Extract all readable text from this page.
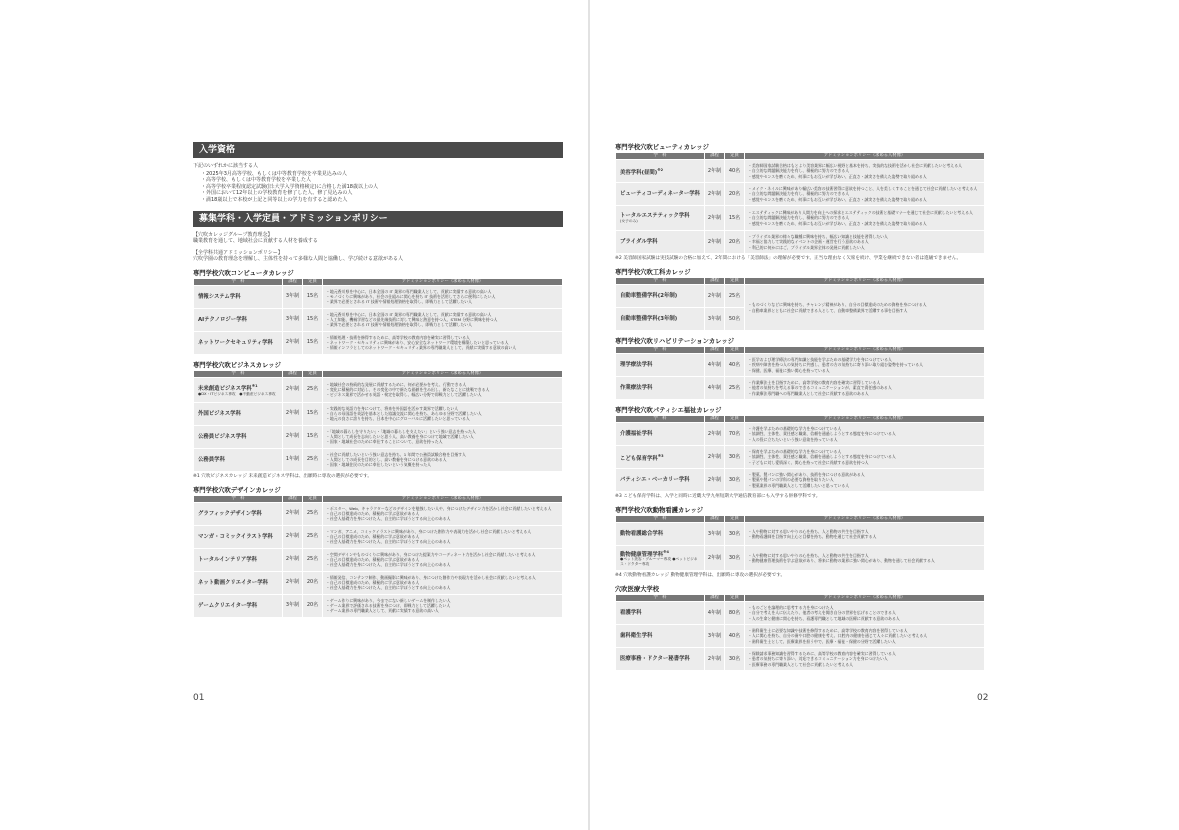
入学資格

下記のいずれかに該当する人

・2025年3月高等学校、もしくは中等教育学校を卒業見込みの人

・高等学校、もしくは中等教育学校を卒業した人

・高等学校卒業程度認定試験(旧:大学入学資格検定)に合格した満18歳以上の人

・外国において12年以上の学校教育を修了した人、修了見込みの人

・満18歳以上で本校が上記と同等以上の学力を有すると認めた人

募集学科・入学定員・アドミッションポリシー

【穴吹カレッジグループ教育理念】

職業教育を通して、地域社会に貢献する人材を養成する

【全学科共通アドミッションポリシー】

穴吹学園の教育理念を理解し、主体性を持って多様な人間と協働し、学び続ける意欲がある人

専門学校穴吹コンピュータカレッジ
学　科	課程	定員	アドミッションポリシー（求める人材像）
情報システム学科	3年制	15名	・地元香川県を中心に、日本全国の IT 業界の専門職業人として、貢献に実績する意欲の高い人
・モノづくりに興味があり、社会の仕組みに関心を持ち IT 技術を活用してさらに便利にしたい人
・業界で必要とされる IT 技術や情報処理資格を取得し、即戦力として活躍したい人

AIテクノロジー学科	3年制	15名	・地元香川県を中心に、日本全国の IT 業界の専門職業人として、貢献に実績する意欲の高い人
・人工知能、機械学習などの最先端技術に対して興味と熱意を持つ人、STEM 分野に興味を持つ人
・業界で必要とされる IT 技術や情報処理資格を取得し、即戦力として活躍したい人

ネットワークセキュリティ学科	2年制	15名	・情報処理・技術を修得するために、高等学校の教育内容を確実に習得している人
・ネットワーク・セキュリティに興味があり、安心安全なネットワーク環境を構築したいと思っている人
・情報インフラとしてのネットワーク・セキュリティ業界の専門職業人として、貢献に実績する意欲の高い人
専門学校穴吹ビジネスカレッジ
学　科	課程	定員	アドミッションポリシー（求める人材像）
未来創造ビジネス学科$^{※1}$
●DX・ITビジネス専攻　●不動産ビジネス専攻	2年制	25名	・地域社会の持続的な発展に貢献するために、何が必要かを考え、行動できる人
・変化に積極的に対応し、その変化の中で新たな価値を生み出し、新たなことに挑戦できる人
・ビジネス業界で活かせる英語・検定を取得し、幅広い分野で即戦力として活躍したい人

外国ビジネス学科	2年制	15名	・実践的な英語力を身につけて、将来を外国語を活かす業界で活躍したい人
・自らの母国語を英語を基本とした協議交流に関心を持ち、あらゆる分野で活躍したい人
・地元の良さに誇りを持ち、日本を中心にグローバルに活躍したいと思っている人

公務員ビジネス学科	2年制	15名	・「地域の暮らしを守りたい」・「地域の暮らしを支えたい」という強い意志を持った人
・人間として成長を志向したいと思う人、高い教養を身につけて地域で活躍したい人
・国家・地域社会のために奉仕することについて、意欲を持った人

公務員学科	1年制	25名	・社会に貢献したいという強い意志を持ち、1 年間で公務員試験合格を目指す人
・人間としての成長を目的とし、高い教養を身につける意欲のある人
・国家・地域住民のために奉仕したいという気概を持った人
※1 穴吹ビジネスカレッジ 未来創造ビジネス学科は、出願時に専攻の選択が必要です。
専門学校穴吹デザインカレッジ
学　科	課程	定員	アドミッションポリシー（求める人材像）
グラフィックデザイン学科	2年制	25名	・ポスター、Web、キャラクターなどのデザインを勉強したい人や、身につけたデザイン力を活かし社会に貢献したいと考える人
・自己の目標達成のため、積極的に学ぶ意欲がある人
・社会人基礎力を身につけた人、自主的に学ぼうとする向上心のある人

マンガ・コミックイラスト学科	2年制	25名	・マンガ、アニメ、コミックイラストに興味があり、身につけた創作力や表現力を活かし社会に貢献したいと考える人
・自己の目標達成のため、積極的に学ぶ意欲がある人
・社会人基礎力を身につけた人、自主的に学ぼうとする向上心のある人

トータルインテリア学科	2年制	25名	・空間デザインやものづくりに興味があり、身につけた提案力やコーディネート力を活かし社会に貢献したいと考える人
・自己の目標達成のため、積極的に学ぶ意欲がある人
・社会人基礎力を身につけた人、自主的に学ぼうとする向上心のある人

ネット動画クリエイター学科	2年制	20名	・情報発信、コンテンツ制作、動画撮影に興味があり、身につけた創作力や表現力を活かし社会に貢献したいと考える人
・自己の目標達成のため、積極的に学ぶ意欲がある人
・社会人基礎力を身につけた人、自主的に学ぼうとする向上心のある人

ゲームクリエイター学科	3年制	20名	・ゲーム作りに興味があり、今までにない新しいゲームを制作したい人
・ゲーム業界で評価される技術を身につけ、即戦力として活躍したい人
・ゲーム業界の専門職業人として、貢献に実績する意欲の高い人
01
専門学校穴吹ビューティカレッジ
学　科	課程	定員	アドミッションポリシー（求める人材像）
美容学科(昼間)$^{※2}$	2年制	40名	・美容師国家試験合格はもとより美容業界に幅広い視野と基本を持ち、実技的な技術を活かし社会に貢献したいと考える人
・自立的な問題解決能力を有し、積極的に努力のできる人
・感覚やセンスを磨くため、何事にもお互いが学びあい、正直さ・誠実さを備えた姿勢で取り組める人

ビューティコーディネーター学科	2年制	20名	・メイク・ネイルに興味があり幅広い美容の技術習得に意欲を持つこと、人を美しくすることを通じて社会に貢献したいと考える人
・自立的な問題解決能力を有し、積極的に努力のできる人
・感覚やセンスを磨くため、何事にもお互いが学びあい、正直さ・誠実さを備えた姿勢で取り組める人

トータルエステティック学科
(女子のみ)	2年制	15名	・エステティックに興味があり人間力を向上への探求とエステティックの技術と基礎マナーを通じて社会に貢献したいと考える人
・自立的な問題解決能力を有し、積極的に努力のできる人
・感覚やセンスを磨くため、何事にもお互いが学びあい、正直さ・誠実さを備えた姿勢で取り組める人

ブライダル学科	2年制	20名	・ブライダル業界の様々な職種に興味を持ち、幅広い知識と技能を習得したい人
・幸福と協力して実践的なイベントの企画・運営を行う意欲のある人
・利己的に何かにはご、ブライダル業界全体の発展に貢献したい人
※2 美容師国家試験は実技試験の合格に加えて、2年間における「美容師法」の理解が必要です。正当な理由なく欠席を続け、学業を継続できない者は進級できません。
専門学校穴吹工科カレッジ
学　科	課程	定員	アドミッションポリシー（求める人材像）
自動車整備学科(2年制)	2年制	25名	・ものづくりなどに興味を持ち、チャレンジ精神があり、自分の目標達成のための資格を身につける人
・自動車業界とともに社会に貢献できる人として、自動車整備業界で活躍する事を目指す人

自動車整備学科(3年制)	3年制	50名	
専門学校穴吹リハビリテーションカレッジ
学　科	課程	定員	アドミッションポリシー（求める人材像）
理学療法学科	4年制	40名	・医学および理学療法の専門知識と技能を学ぶための基礎学力を身につけている人
・疾病や障害を持つ人の気持ちに共感し、患者の方の気持ちに寄り添い取り組む姿勢を持っている人
・保健、医療、福祉に強い関心を持っている人

作業療法学科	4年制	25名	・作業療法士を目指すために、高等学校の教育内容を確実に習得している人
・他者の気持ちを考える事のできるコミュニケーションが、素直で責任感のある人
・作業療法専門職への専門職業人として社会に貢献する意欲のある人
専門学校穴吹パティシエ福祉カレッジ
学　科	課程	定員	アドミッションポリシー（求める人材像）
介護福祉学科	2年制	70名	・介護を学ぶための基礎的な学力を身につけている人
・協調性、主体性、責任感と職業、信頼を通過しようとする態度を身につけている人
・人の役に立ちたいという強い意欲を持っている人

こども保育学科$^{※3}$	2年制	30名	・保育を学ぶための基礎的な学力を身につけている人
・協調性、主体性、責任感と職業、信頼を通過しようとする態度を身につけている人
・子どもに対し愛情深く、関心を持って社会に貢献する意欲を持つ人

パティシエ・ベーカリー学科	2年制	30名	・製菓、製パンに強い関心があり、技術を身につける意欲がある人
・製菓や製パンの学科の必要な資格を取りたい人
・製菓業界の専門職業人として活躍したいと思っている人
※3 こども保育学科は、入学と同時に近畿大学九州短期大学通信教育部にも入学する併修学科です。
専門学校穴吹動物看護カレッジ
学　科	課程	定員	アドミッションポリシー（求める人材像）
動物看護総合学科	3年制	30名	・人や動物に対する思いやりの心を持ち、人と動物の共生を目指す人
・動物看護師を目指す向上心と目標を持ち、動物を通じて社会貢献する人

動物健康管理学科$^{※4}$
●ペット美容・グルーマー専攻 ●ペットビジネス・ドクター専攻	2年制	30名	・人や動物に対する思いやりの心を持ち、人と動物の共生を目指す人
・動物健康管理技術を学ぶ意欲があり、将来に動物の業界に強い関心があり、動物を通して社会貢献する人
※4 穴吹動物看護カレッジ 動物健康管理学科は、出願時に専攻の選択が必要です。
穴吹医療大学校
学　科	課程	定員	アドミッションポリシー（求める人材像）
看護学科	4年制	80名	・ものごとを論理的に思考する力を身につけた人
・自分で考えを人に伝えたり、他者の考えを聞き自分の世界を広げることのできる人
・人の生命と健康に関心を持ち、看護専門職として地域の医療に貢献する意欲のある人

歯科衛生学科	3年制	40名	・歯科衛生士に必要な知識や技術を修得するために、高等学校の教育内容を習得している人
・人に関心を持ち、自分の歯や口腔の健康を考え、口腔内の健康を通じて人々に貢献したいと考える人
・歯科衛生士として、医療業界を担う中で、医療・福祉・保健の分野で活躍したい人

医療事務・ドクター秘書学科	2年制	30名	・保険請求事務知識を習得するために、高等学校の教育内容を確実に習得している人
・患者の気持ちに寄り添い、対応できるコミュニケーション力を身につけたい人
・医療事務の専門職業人として社会に貢献したいと考える人
02
